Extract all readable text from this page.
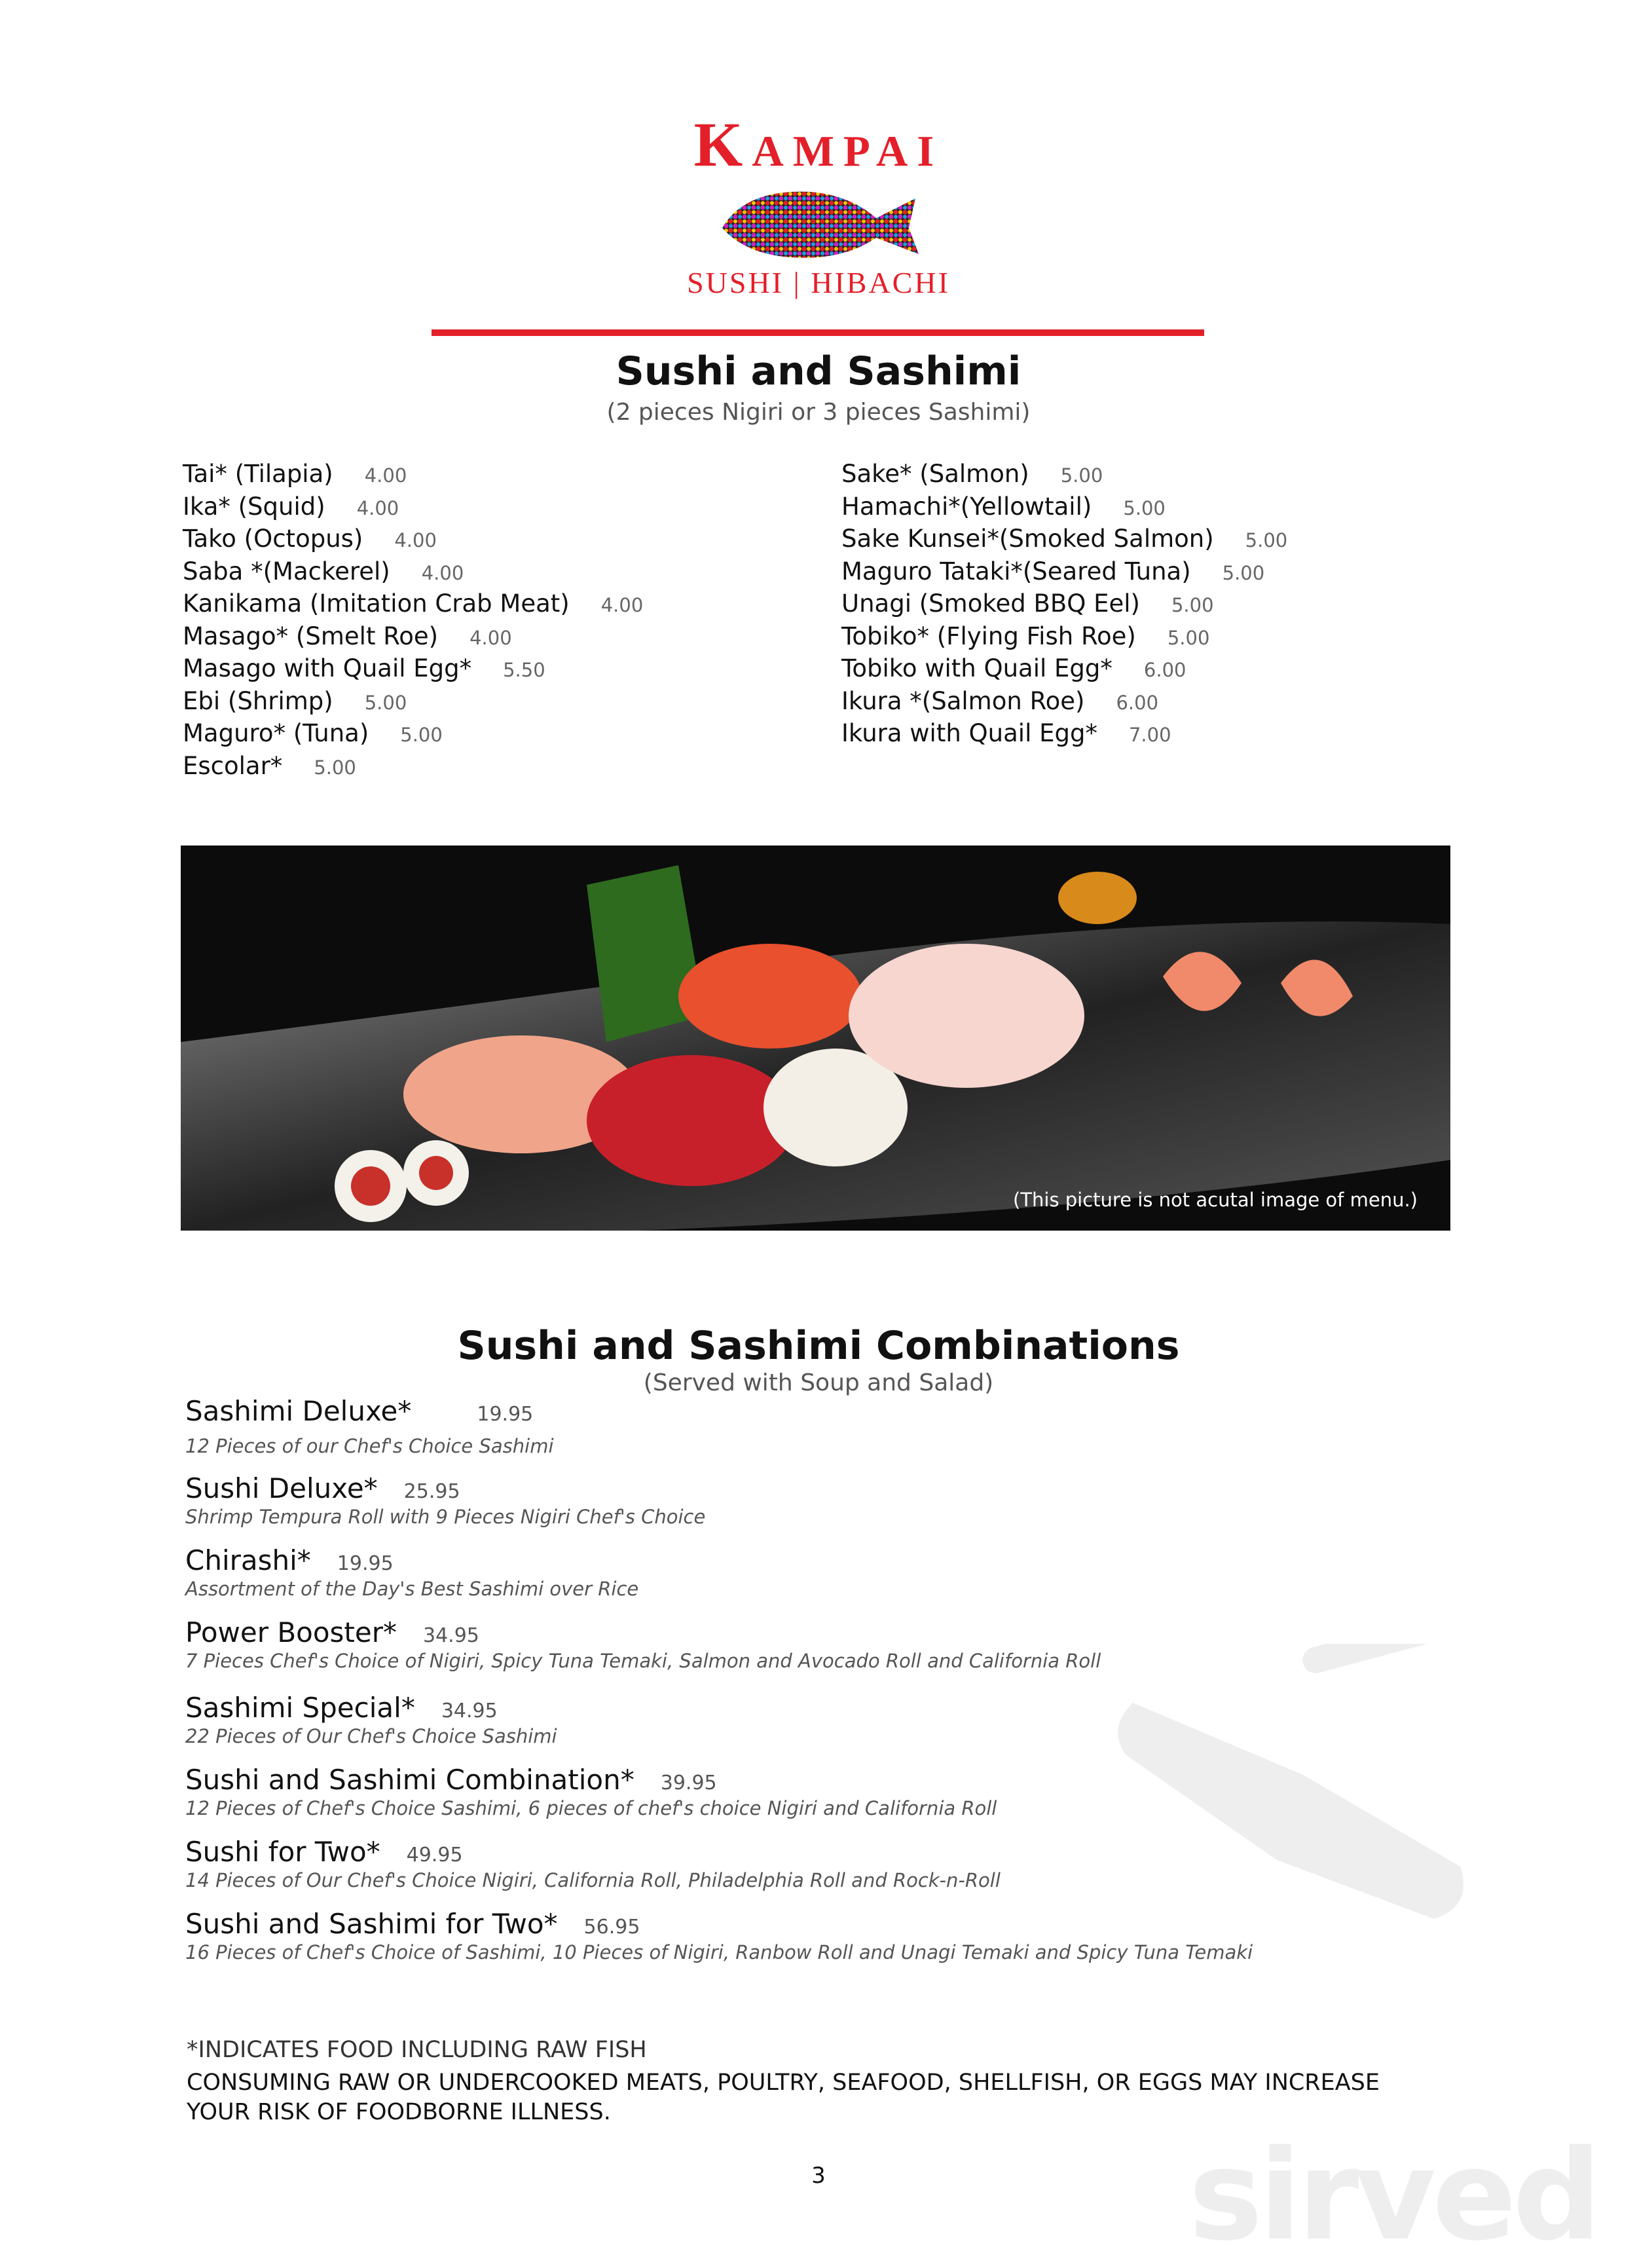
sirved
Kampai
SUSHI | HIBACHI
Sushi and Sashimi
(2 pieces Nigiri or 3 pieces Sashimi)
Tai* (Tilapia) 4.00
Ika* (Squid) 4.00
Tako (Octopus) 4.00
Saba *(Mackerel) 4.00
Kanikama (Imitation Crab Meat) 4.00
Masago* (Smelt Roe) 4.00
Masago with Quail Egg* 5.50
Ebi (Shrimp) 5.00
Maguro* (Tuna) 5.00
Escolar* 5.00
Sake* (Salmon) 5.00
Hamachi*(Yellowtail) 5.00
Sake Kunsei*(Smoked Salmon) 5.00
Maguro Tataki*(Seared Tuna) 5.00
Unagi (Smoked BBQ Eel) 5.00
Tobiko* (Flying Fish Roe) 5.00
Tobiko with Quail Egg* 6.00
Ikura *(Salmon Roe) 6.00
Ikura with Quail Egg* 7.00
(This picture is not acutal image of menu.)
Sushi and Sashimi Combinations
(Served with Soup and Salad)
Sashimi Deluxe*	19.95
12 Pieces of our Chef's Choice Sashimi
Sushi Deluxe* 25.95
Shrimp Tempura Roll with 9 Pieces Nigiri Chef's Choice
Chirashi* 19.95
Assortment of the Day's Best Sashimi over Rice
Power Booster* 34.95
7 Pieces Chef's Choice of Nigiri, Spicy Tuna Temaki, Salmon and Avocado Roll and California Roll
Sashimi Special* 34.95
22 Pieces of Our Chef's Choice Sashimi
Sushi and Sashimi Combination* 39.95
12 Pieces of Chef's Choice Sashimi, 6 pieces of chef's choice Nigiri and California Roll
Sushi for Two* 49.95
14 Pieces of Our Chef's Choice Nigiri, California Roll, Philadelphia Roll and Rock-n-Roll
Sushi and Sashimi for Two* 56.95
16 Pieces of Chef's Choice of Sashimi, 10 Pieces of Nigiri, Ranbow Roll and Unagi Temaki and Spicy Tuna Temaki
*INDICATES FOOD INCLUDING RAW FISH
CONSUMING RAW OR UNDERCOOKED MEATS, POULTRY, SEAFOOD, SHELLFISH, OR EGGS MAY INCREASE
YOUR RISK OF FOODBORNE ILLNESS.
3
